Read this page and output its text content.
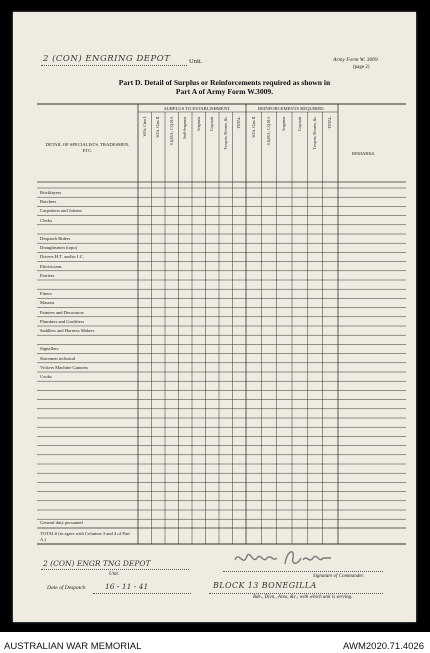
2 (CON) ENGRING DEPOT	Unit.	Army Form W. 3009
(page 2)
Part D. Detail of Surplus or Reinforcements required as shown in
Part A of Army Form W.3009.
DETAIL OF SPECIALISTS, TRADESMEN, ETC.
SURPLUS TO ESTABLISHMENT.	REINFORCEMENTS REQUIRED.
REMARKS.
W.Os. Class I.	W.Os. Class II.	S.Q.M.S.; C.Q.M.S.	Staff-Sergeants.	Sergeants.	Corporals.	Troopers, Privates, &c.	TOTAL.	W.Os. Class II.	S.Q.M.S.; C.Q.M.S.	Sergeants.	Corporals.	Troopers, Privates, &c.	TOTAL.
Bricklayers
Butchers
Carpenters and Joiners
Clerks
Despatch Riders
Draughtsmen (topo)
Drivers H.T. and/or I.C.
Electricians
Farriers
Fitters
Masons
Painters and Decorators
Plumbers and Gasfitters
Saddlers and Harness Makers
Signallers
Storemen technical
Vickers Machine Gunners
Cooks
General duty personnel
TOTALS (to agree with Columns 3 and 4 of Part A.)
2 (CON) ENGR TNG DEPOT
Unit.	Signature of Commander.
Date of Despatch	16 - 11 - 41	BLOCK 13 BONEGILLA
Bde., Divn., Area, &c., with which unit is serving.
AUSTRALIAN WAR MEMORIAL	AWM2020.71.4026
